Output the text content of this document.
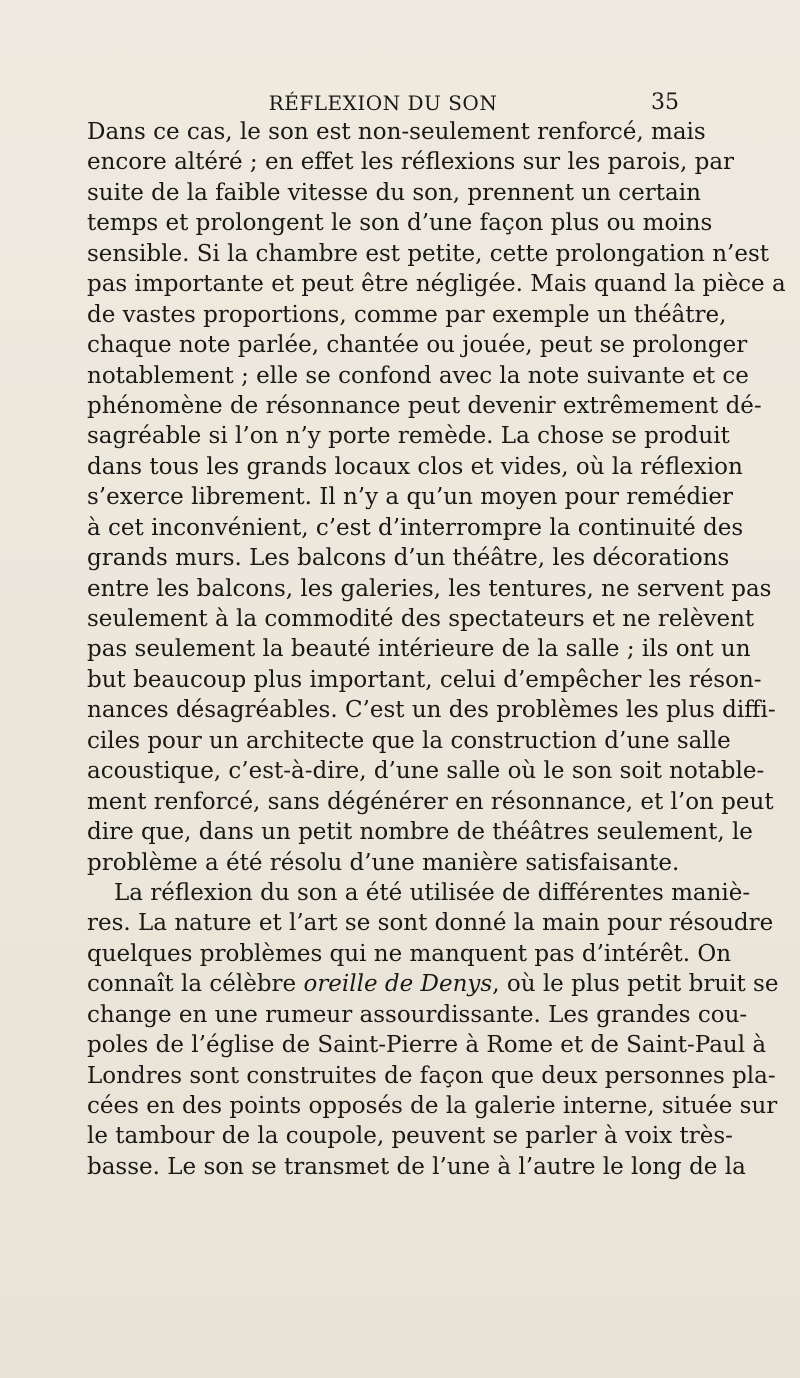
RÉFLEXION DU SON	35
Dans ce cas, le son est non-seulement renforcé, mais
encore altéré ; en effet les réflexions sur les parois, par
suite de la faible vitesse du son, prennent un certain
temps et prolongent le son d’une façon plus ou moins
sensible. Si la chambre est petite, cette prolongation n’est
pas importante et peut être négligée. Mais quand la pièce a
de vastes proportions, comme par exemple un théâtre,
chaque note parlée, chantée ou jouée, peut se prolonger
notablement ; elle se confond avec la note suivante et ce
phénomène de résonnance peut devenir extrêmement dé-
sagréable si l’on n’y porte remède. La chose se produit
dans tous les grands locaux clos et vides, où la réflexion
s’exerce librement. Il n’y a qu’un moyen pour remédier
à cet inconvénient, c’est d’interrompre la continuité des
grands murs. Les balcons d’un théâtre, les décorations
entre les balcons, les galeries, les tentures, ne servent pas
seulement à la commodité des spectateurs et ne relèvent
pas seulement la beauté intérieure de la salle ; ils ont un
but beaucoup plus important, celui d’empêcher les réson-
nances désagréables. C’est un des problèmes les plus diffi-
ciles pour un architecte que la construction d’une salle
acoustique, c’est-à-dire, d’une salle où le son soit notable-
ment renforcé, sans dégénérer en résonnance, et l’on peut
dire que, dans un petit nombre de théâtres seulement, le
problème a été résolu d’une manière satisfaisante.
La réflexion du son a été utilisée de différentes maniè-
res. La nature et l’art se sont donné la main pour résoudre
quelques problèmes qui ne manquent pas d’intérêt. On
connaît la célèbre oreille de Denys, où le plus petit bruit se
change en une rumeur assourdissante. Les grandes cou-
poles de l’église de Saint-Pierre à Rome et de Saint-Paul à
Londres sont construites de façon que deux personnes pla-
cées en des points opposés de la galerie interne, située sur
le tambour de la coupole, peuvent se parler à voix très-
basse. Le son se transmet de l’une à l’autre le long de la
